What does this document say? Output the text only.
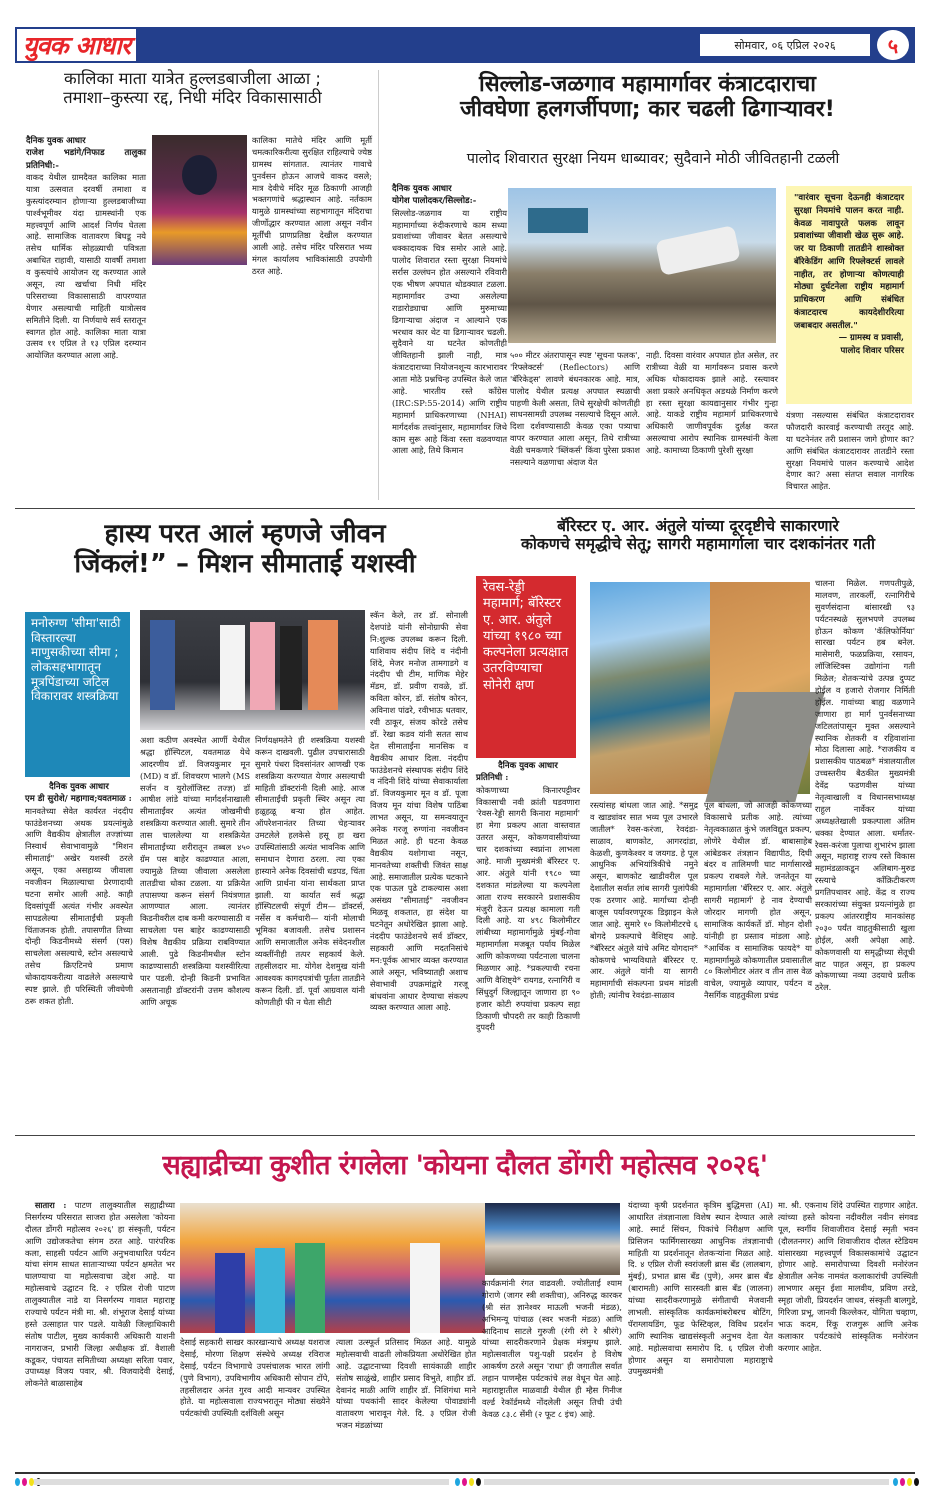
युवक आधार	सोमवार, ०६ एप्रिल २०२६	५
कालिका माता यात्रेत हुल्लडबाजीला आळा ;
तमाशा–कुस्त्या रद्द, निधी मंदिर विकासासाठी
दैनिक युवक आधार
राजेश भडांगे/निफाड तालुका प्रतिनिधी:-
वाकद येथील ग्रामदैवत कालिका माता यात्रा उत्सवात दरवर्षी तमाशा व कुस्त्यांदरम्यान होणाऱ्या हुल्लडबाजीच्या पार्श्वभूमीवर यंदा ग्रामस्थांनी एक महत्त्वपूर्ण आणि आदर्श निर्णय घेतला आहे. सामाजिक वातावरण बिघडू नये तसेच धार्मिक सोहळ्याची पवित्रता अबाधित राहावी, यासाठी यावर्षी तमाशा व कुस्त्यांचे आयोजन रद्द करण्यात आले असून, त्या खर्चाचा निधी मंदिर परिसराच्या विकासासाठी वापरण्यात येणार असल्याची माहिती यात्रोत्सव समितीने दिली. या निर्णयाचे सर्व स्तरातून स्वागत होत आहे. कालिका माता यात्रा उत्सव ११ एप्रिल ते १३ एप्रिल दरम्यान आयोजित करण्यात आला आहे.
कालिका मातेचे मंदिर आणि मूर्ती चमत्कारिकरीत्या सुरक्षित राहिल्याचे ज्येष्ठ ग्रामस्थ सांगतात. त्यानंतर गावाचे पुनर्वसन होऊन आजचे वाकद वसले; मात्र देवीचे मंदिर मूळ ठिकाणी आजही भक्तगणांचे श्रद्धास्थान आहे. नर्तकाम यामुळे ग्रामस्थांच्या सहभागातून मंदिराचा जीर्णोद्धार करण्यात आला असून नवीन मूर्तींची प्राणप्रतिष्ठा देखील करण्यात आली आहे. तसेच मंदिर परिसरात भव्य मंगल कार्यालय भाविकांसाठी उपयोगी ठरत आहे.
सिल्लोड-जळगाव महामार्गावर कंत्राटदाराचा
जीवघेणा हलगर्जीपणा; कार चढली ढिगाऱ्यावर!
पालोद शिवारात सुरक्षा नियम धाब्यावर; सुदैवाने मोठी जीवितहानी टळली
दैनिक युवक आधार
योगेश पालोदकर/सिल्लोड:-
सिल्लोड-जळगाव या राष्ट्रीय महामार्गाच्या रुंदीकरणाचे काम सध्या प्रवाशांच्या जीवावर बेतत असल्याचे धक्कादायक चित्र समोर आले आहे. पालोद शिवारात रस्ता सुरक्षा नियमांचे सर्रास उल्लंघन होत असल्याने रविवारी एक भीषण अपघात थोडक्यात टळला. महामार्गावर उभ्या असलेल्या राडारोड्याचा आणि मुरुमाच्या ढिगाऱ्याचा अंदाज न आल्याने एक भरधाव कार थेट या ढिगाऱ्यावर चढली. सुदैवाने या घटनेत कोणतीही जीवितहानी झाली नाही, मात्र कंत्राटदाराच्या नियोजनशून्य कारभारावर आता मोठे प्रश्नचिन्ह उपस्थित केले जात आहे. भारतीय रस्ते काँग्रेस (IRC:SP:55-2014) आणि राष्ट्रीय महामार्ग प्राधिकरणाच्या (NHAI) मार्गदर्शक तत्त्वांनुसार, महामार्गावर जिथे काम सुरू आहे किंवा रस्ता वळवण्यात आला आहे, तिथे किमान
५०० मीटर अंतरापासून स्पष्ट 'सूचना फलक', 'रिफ्लेक्टर्स' (Reflectors) आणि 'बॅरिकेड्स' लावणे बंधनकारक आहे. मात्र, पालोद येथील प्रत्यक्ष अपघात स्थळाची पाहणी केली असता, तिथे सुरक्षेची कोणतीही साधनसामग्री उपलब्ध नसल्याचे दिसून आले. दिशा दर्शवण्यासाठी केवळ एका पत्र्याचा वापर करण्यात आला असून, तिथे रात्रीच्या वेळी चमकणारे 'ब्लिंकर्स' किंवा पुरेसा प्रकाश नसल्याने वळणाचा अंदाज येत
नाही. दिवसा वारंवार अपघात होत असेल, तर रात्रीच्या वेळी या मार्गावरून प्रवास करणे अधिक धोकादायक झाले आहे. रस्त्यावर अशा प्रकारे अनधिकृत अडथळे निर्माण करणे हा रस्ता सुरक्षा कायद्यानुसार गंभीर गुन्हा आहे. याकडे राष्ट्रीय महामार्ग प्राधिकरणाचे अधिकारी जाणीवपूर्वक दुर्लक्ष करत असल्याचा आरोप स्थानिक ग्रामस्थांनी केला आहे. कामाच्या ठिकाणी पुरेशी सुरक्षा
"वारंवार सूचना देऊनही कंत्राटदार सुरक्षा नियमांचे पालन करत नाही. केवळ नावापुरते फलक लावून प्रवाशांच्या जीवाशी खेळ सुरू आहे. जर या ठिकाणी तातडीने शास्त्रोक्त बॅरिकेडिंग आणि रिफ्लेक्टर्स लावले नाहीत, तर होणाऱ्या कोणत्याही मोठ्या दुर्घटनेला राष्ट्रीय महामार्ग प्राधिकरण आणि संबंधित कंत्राटदारच कायदेशीररित्या जबाबदार असतील."
— ग्रामस्थ व प्रवासी,
पालोद शिवार परिसर
यंत्रणा नसल्यास संबंधित कंत्राटदारावर फौजदारी कारवाई करण्याची तरतूद आहे. या घटनेनंतर तरी प्रशासन जागे होणार का? आणि संबंधित कंत्राटदारावर तातडीने रस्ता सुरक्षा नियमांचे पालन करण्याचे आदेश देणार का? असा संतप्त सवाल नागरिक विचारत आहेत.
हास्य परत आलं म्हणजे जीवन
जिंकलं!” – मिशन सीमाताई यशस्वी
मनोरुग्ण 'सीमा'साठी विस्तारल्या माणुसकीच्या सीमा ; लोकसहभागातून मूत्रपिंडाच्या जटिल विकारावर शस्त्रक्रिया
दैनिक युवक आधार
एम डी सुरोशे/ महागाव;यवतमाळ :
मानवतेच्या सेवेत कार्यरत नंददीप फाउंडेशनच्या अथक प्रयत्नांमुळे आणि वैद्यकीय क्षेत्रातील तज्ज्ञांच्या निस्वार्थ सेवाभावामुळे "मिशन सीमाताई" अखेर यशस्वी ठरले असून, एका असहाय्य जीवाला नवजीवन मिळाल्याचा प्रेरणादायी घटना समोर आली आहे. काही दिवसांपूर्वी अत्यंत गंभीर अवस्थेत सापडलेल्या सीमाताईंची प्रकृती चिंताजनक होती. तपासणीत तिच्या दोन्ही किडनीमध्ये संसर्ग (पस) साचलेला असल्याचे, स्टोन असल्याचे तसेच क्रिएटिनचे प्रमाण धोकादायकरीत्या वाढलेले असल्याचे स्पष्ट झाले. ही परिस्थिती जीवघेणी ठरू शकत होती.
अशा कठीण अवस्थेत आर्णी येथील श्रद्धा हॉस्पिटल, यवतमाळ येथे आदरणीय डॉ. विजयकुमार मून (MD) व डॉ. शिवचरण भालगे (MS सर्जन व युरोलॉजिस्ट तज्ज्ञ) डॉ आषीश लांडे यांच्या मार्गदर्शनाखाली सीमाताईंवर अत्यंत जोखमीची शस्त्रक्रिया करण्यात आली. सुमारे तीन तास चाललेल्या या शस्त्रक्रियेत सीमाताईंच्या शरीरातून तब्बल ४५० ग्रॅम पस बाहेर काढण्यात आला, ज्यामुळे तिच्या जीवाला असलेला तातडीचा धोका टळला. या प्रक्रियेत तपासण्या करून संसर्ग नियंत्रणात आणण्यात आला. त्यानंतर किडनीवरील दाब कमी करण्यासाठी व साचलेला पस बाहेर काढण्यासाठी विशेष वैद्यकीय प्रक्रिया राबविण्यात आली. पुढे किडनीमधील स्टोन काढण्यासाठी शस्त्रक्रिया यशस्वीरित्या पार पडली. दोन्ही किडनी प्रभावित असतानाही डॉक्टरांनी उत्तम कौशल्य आणि अचूक
निर्णयक्षमतेने ही शस्त्रक्रिया यशस्वी करून दाखवली. पुढील उपचारासाठी सुमारे पंधरा दिवसांनंतर आणखी एक शस्त्रक्रिया करण्यात येणार असल्याची माहिती डॉक्टरांनी दिली आहे. आज सीमाताईंची प्रकृती स्थिर असून त्या हळूहळू बऱ्या होत आहेत. ऑपरेशनानंतर तिच्या चेहऱ्यावर उमटलेले हलकेसे हसू हा खरा उपस्थितांसाठी अत्यंत भावनिक आणि समाधान देणारा ठरला. त्या एका हास्याने अनेक दिवसांची धडपड, चिंता आणि प्रार्थना यांना सार्थकता प्राप्त झाली. या कार्यात सर्व श्रद्धा हॉस्पिटलची संपूर्ण टीम— डॉक्टर्स, नर्सेस व कर्मचारी— यांनी मोलाची भूमिका बजावली. तसेच प्रशासन आणि समाजातील अनेक संवेदनशील व्यक्तींनीही तत्पर सहकार्य केले. तहसीलदार मा. योगेश देशमुख यांनी आवश्यक कागदपत्रांची पूर्तता तातडीने करून दिली. डॉ. पूर्वा आग्रवाल यांनी कोणतीही फी न घेता सीटी
स्कॅन केले, तर डॉ. सोनाली देशपांडे यांनी सोनोग्राफी सेवा नि:शुल्क उपलब्ध करून दिली. याशिवाय संदीप शिंदे व नंदीनी शिंदे, मेजर मनोज तामगाडगे व नंददीप ची टीम, माणिक मेहेर मॅडम, डॉ. प्रवीण रावळे, डॉ. कविता कोरन, डॉ. संतोष कोरन, अविनाश पांढरे, रवीभाऊ धतवार, रवी ठाकूर, संजय कोरडे तसेच डॉ. रेखा कडव यांनी सतत साथ देत सीमाताईंना मानसिक व वैद्यकीय आधार दिला. नंददीप फाउंडेशनचे संस्थापक संदीप शिंदे व नंदिनी शिंदे यांच्या सेवाकार्याला डॉ. विजयकुमार मून व डॉ. पूजा विजय मून यांचा विशेष पाठिंबा लाभत असून, या समन्वयातून अनेक गरजू रुग्णांना नवजीवन मिळत आहे. ही घटना केवळ वैद्यकीय यशोगाथा नसून, मानवतेच्या शक्तीची जिवंत साक्ष आहे. समाजातील प्रत्येक घटकाने एक पाऊल पुढे टाकल्यास अशा असंख्य "सीमाताई" नवजीवन मिळवू शकतात, हा संदेश या घटनेतून अधोरेखित झाला आहे. नंददीप फाउंडेशनचे सर्व डॉक्टर, सहकारी आणि मदतनिसांचे मन:पूर्वक आभार व्यक्त करण्यात आले असून, भविष्यातही अशाच सेवाभावी उपक्रमांद्वारे गरजू बांधवांना आधार देण्याचा संकल्प व्यक्त करण्यात आला आहे.
बॅरिस्टर ए. आर. अंतुले यांच्या दूरदृष्टीचे साकारणारे
कोकणचे समृद्धीचे सेतू; सागरी महामार्गाला चार दशकांनंतर गती
रेवस-रेड्डी महामार्ग; बॅरिस्टर ए. आर. अंतुले यांच्या १९८० च्या कल्पनेला प्रत्यक्षात उतरविण्याचा सोनेरी क्षण
दैनिक युवक आधार
प्रतिनिधी :
कोकणाच्या किनारपट्टीवर विकासाची नवी क्रांती घडवणारा 'रेवस-रेड्डी सागरी किनारा महामार्ग' हा मेगा प्रकल्प आता वास्तवात उतरत असून, कोकणवासीयांच्या चार दशकांच्या स्वप्नांना लाभला आहे. माजी मुख्यमंत्री बॅरिस्टर ए. आर. अंतुले यांनी १९८० च्या दशकात मांडलेल्या या कल्पनेला आता राज्य सरकारने प्रशासकीय मंजुरी देऊन प्रत्यक्ष कामाला गती दिली आहे. या ४९८ किलोमीटर लांबीच्या महामार्गामुळे मुंबई-गोवा महामार्गाला मजबूत पर्याय मिळेल आणि कोकणच्या पर्यटनाला चालना मिळणार आहे. *प्रकल्पाची रचना आणि वैशिष्ट्ये* रायगड, रत्नागिरी व सिंधुदुर्ग जिल्ह्यातून जाणारा हा ९० हजार कोटी रुपयांचा प्रकल्प सहा ठिकाणी चौपदरी तर काही ठिकाणी दुपदरी
रस्त्यांसह बांधला जात आहे. *समुद्र व खाड्यांवर सात भव्य पूल उभारले जातील* रेवस-करंजा, रेवदंडा-साळाव, बाणकोट, आगरदांडा, केळशी, कुणकेश्वर व जयगड. हे पूल आधुनिक अभियांत्रिकीचे नमुने असून, बाणकोट खाडीवरील पूल देशातील सर्वात लांब सागरी पुलांपैकी एक ठरणार आहे. मार्गाच्या दोन्ही बाजूस पर्यावरणपूरक डिझाइन केले जात आहे. सुमारे १० किलोमीटरचे ६ बोगदे प्रकल्पाचे वैशिष्ट्य आहे. *बॅरिस्टर अंतुले यांचे अमिट योगदान* कोकणचे भाग्यविधाते बॅरिस्टर ए. आर. अंतुले यांनी या सागरी महामार्गाची संकल्पना प्रथम मांडली होती; त्यांनीच रेवदंडा-साळाव
पूल बांधला, जो आजही कोकणच्या विकासाचे प्रतीक आहे. त्यांच्या नेतृत्वकाळात कुंभे जलविद्युत प्रकल्प, लोणेरे येथील डॉ. बाबासाहेब आंबेडकर तंत्रज्ञान विद्यापीठ, दिघी बंदर व तालिमणी घाट मार्गासारखे प्रकल्प राबवले गेले. जनतेतून या महामार्गाला 'बॅरिस्टर ए. आर. अंतुले सागरी महामार्ग' हे नाव देण्याची जोरदार मागणी होत असून, सामाजिक कार्यकर्ते डॉ. मोहन दोशी यांनीही हा प्रस्ताव मांडला आहे. *आर्थिक व सामाजिक फायदे* या महामार्गामुळे कोकणातील प्रवासातील ८० किलोमीटर अंतर व तीन तास वेळ वाचेल, ज्यामुळे व्यापार, पर्यटन व नैसर्गिक वाहतुकीला प्रचंड
चालना मिळेल. गणपतीपुळे, मालवण, तारकर्ली, रत्नागिरीचे सुवर्णसंदाना बांसारखी ९३ पर्यटनस्थळे सुलभपणे उपलब्ध होऊन कोकण 'कॅलिफोर्निया' सारखा पर्यटन हब बनेल. मासेमारी, फळप्रक्रिया, रसायन, लॉजिस्टिक्स उद्योगांना गती मिळेल; शेतकऱ्यांचे उत्पन्न दुप्पट होईल व हजारो रोजगार निर्मिती होईल. गावांच्या बाह्य वळणाने जाणारा हा मार्ग पुनर्वसनाच्या जटिलतांपासून मुक्त असल्याने स्थानिक शेतकरी व रहिवाशांना मोठा दिलासा आहे. *राजकीय व प्रशासकीय पाठबळ* मंत्रालयातील उच्चस्तरीय बैठकीत मुख्यमंत्री देवेंद्र फडणवीस यांच्या नेतृत्वाखाली व विधानसभाध्यक्ष राहुल नार्वेकर यांच्या अध्यक्षतेखाली प्रकल्पाला अंतिम धक्का देण्यात आला. धर्मांतर-रेवस-करंजा पुलाचा शुभारंभ झाला असून, महाराष्ट्र राज्य रस्ते विकास महामंडळाकडून अलिबाग-मुरुड रस्त्याचे काँक्रिटीकरण प्रगतिपथावर आहे. केंद्र व राज्य सरकारांच्या संयुक्त प्रयत्नांमुळे हा प्रकल्प आंतरराष्ट्रीय मानकांसह २०३० पर्यंत वाहतुकीसाठी खुला होईल, अशी अपेक्षा आहे. कोकणवासी या समृद्धीच्या सेतूची वाट पाहत असून, हा प्रकल्प कोकणाच्या नव्या उदयाचे प्रतीक ठरेल.
सह्याद्रीच्या कुशीत रंगलेला 'कोयना दौलत डोंगरी महोत्सव २०२६'

सातारा : पाटण तालुक्यातील सह्याद्रीच्या निसर्गरम्य परिसरात साजरा होत असलेला 'कोयना दौलत डोंगरी महोत्सव २०२६' हा संस्कृती, पर्यटन आणि उद्योजकतेचा संगम ठरत आहे. पारंपरिक कला, साहसी पर्यटन आणि अनुभवाधारित पर्यटन यांचा संगम साधत साताऱ्याच्या पर्यटन क्षमतेत भर घालण्याचा या महोत्सवाचा उद्देश आहे. या महोत्सवाचे उद्घाटन दि. २ एप्रिल रोजी पाटण तालुक्यातील नाडे या निसर्गरम्य गावात महाराष्ट्र राज्याचे पर्यटन मंत्री मा. श्री. शंभूराज देसाई यांच्या हस्ते उत्साहात पार पडले. यावेळी जिल्हाधिकारी संतोष पाटील, मुख्य कार्यकारी अधिकारी याशनी नागराजन, प्रभारी जिल्हा अधीक्षक डॉ. वैशाली कडूकर, पंचायत समितीच्या अध्यक्षा सरिता पवार, उपाध्यक्ष विजय पवार, श्री. विजयादेवी देसाई, लोकनेते बाळासाहेब

देसाई सहकारी साखर कारखान्याचे अध्यक्ष यशराज देसाई, मोरणा शिक्षण संस्थेचे अध्यक्ष रविराज देसाई, पर्यटन विभागाचे उपसंचालक भारत लांगी (पुणे विभाग), उपविभागीय अधिकारी सोपान टोंपे, तहसीलदार अनंत गुरव आदी मान्यवर उपस्थित होते. या महोत्सवाला राज्यभरातून मोठ्या संख्येने पर्यटकांची उपस्थिती दर्शविली असून
त्याला उत्स्फूर्त प्रतिसाद मिळत आहे. यामुळे महोत्सवाची वाढती लोकप्रियता अधोरेखित होत आहे. उद्घाटनाच्या दिवशी सायंकाळी शाहीर संतोष साळुंखे, शाहीर प्रसाद विभुते, शाहीर डॉ. देवानंद माळी आणि शाहीर डॉ. निशिगंधा माने यांच्या पथकांनी सादर केलेल्या पोवाड्यांनी वातावरण भारावून गेले. दि. ३ एप्रिल रोजी भजन मंडळांच्या
कार्यक्रमांनी रंगत वाढवली. ज्योतीताई श्याम गोराणे (जागर स्त्री शक्तीचा), अनिरुद्ध कारकर (श्री संत ज्ञानेश्वर माऊली भजनी मंडळ), अभिमन्यू पांचाळ (स्वर भजनी मंडळ) आणि आदिनाथ साटले गुरुजी (रंगी रंगे रे श्रीरंगे) यांच्या सादरीकरणाने प्रेक्षक मंत्रमुग्ध झाले. महोत्सवातील पशु-पक्षी प्रदर्शन हे विशेष आकर्षण ठरले असून 'राधा' ही जगातील सर्वात लहान पाणम्हैस पर्यटकांचे लक्ष वेधून घेत आहे. महाराष्ट्रातील माळवाडी येथील ही म्हैस गिनीज वर्ल्ड रेकॉर्डमध्ये नोंदलेली असून तिची उंची केवळ ८३.८ सेंमी (२ फूट ८ इंच) आहे.
यंदाच्या कृषी प्रदर्शनात कृत्रिम बुद्धिमत्ता (AI) आधारित तंत्रज्ञानाला विशेष स्थान देण्यात आले आहे. स्मार्ट सिंचन, पिकांचे निरीक्षण आणि प्रिसिजन फार्मिंगसारख्या आधुनिक तंत्रज्ञानाची माहिती या प्रदर्शनातून शेतकऱ्यांना मिळत आहे. दि. ४ एप्रिल रोजी स्वरांजली ब्रास बँड (लालबाग, मुंबई), प्रभात ब्रास बँड (पुणे), अमर ब्रास बँड (बारामती) आणि सारस्वती ब्रास बँड (जालना) यांच्या सादरीकरणामुळे संगीताची मेजवानी लाभली. सांस्कृतिक कार्यक्रमांबरोबरच बोटिंग, पॅराग्लायडिंग, फूड फेस्टिव्हल, विविध प्रदर्शन आणि स्थानिक खाद्यसंस्कृती अनुभव देता येत आहे. महोत्सवाचा समारोप दि. ६ एप्रिल रोजी होणार असून या समारोपाला महाराष्ट्राचे उपमुख्यमंत्री
मा. श्री. एकनाथ शिंदे उपस्थित राहणार आहेत. त्यांच्या हस्ते कोयना नदीवरील नवीन संगवड पूल, स्वर्गीय शिवाजीराव देसाई स्मृती भवन (दौलतनगर) आणि शिवाजीराव दौलत स्टेडियम यांसारख्या महत्त्वपूर्ण विकासकामांचे उद्घाटन होणार आहे. समारोपाच्या दिवशी मनोरंजन क्षेत्रातील अनेक नामवंत कलाकारांची उपस्थिती लाभणार असून ईशा मालवीय, प्रविण तरडे, स्मृहा जोशी, प्रियदर्शन जाधव, संस्कृती बालगुडे, गिरिजा प्रभू, जानवी किल्लेकर, योगिता चव्हाण, भाऊ कदम, रिंकू राजगुरू आणि अनेक कलाकार पर्यटकांचे सांस्कृतिक मनोरंजन करणार आहेत.
